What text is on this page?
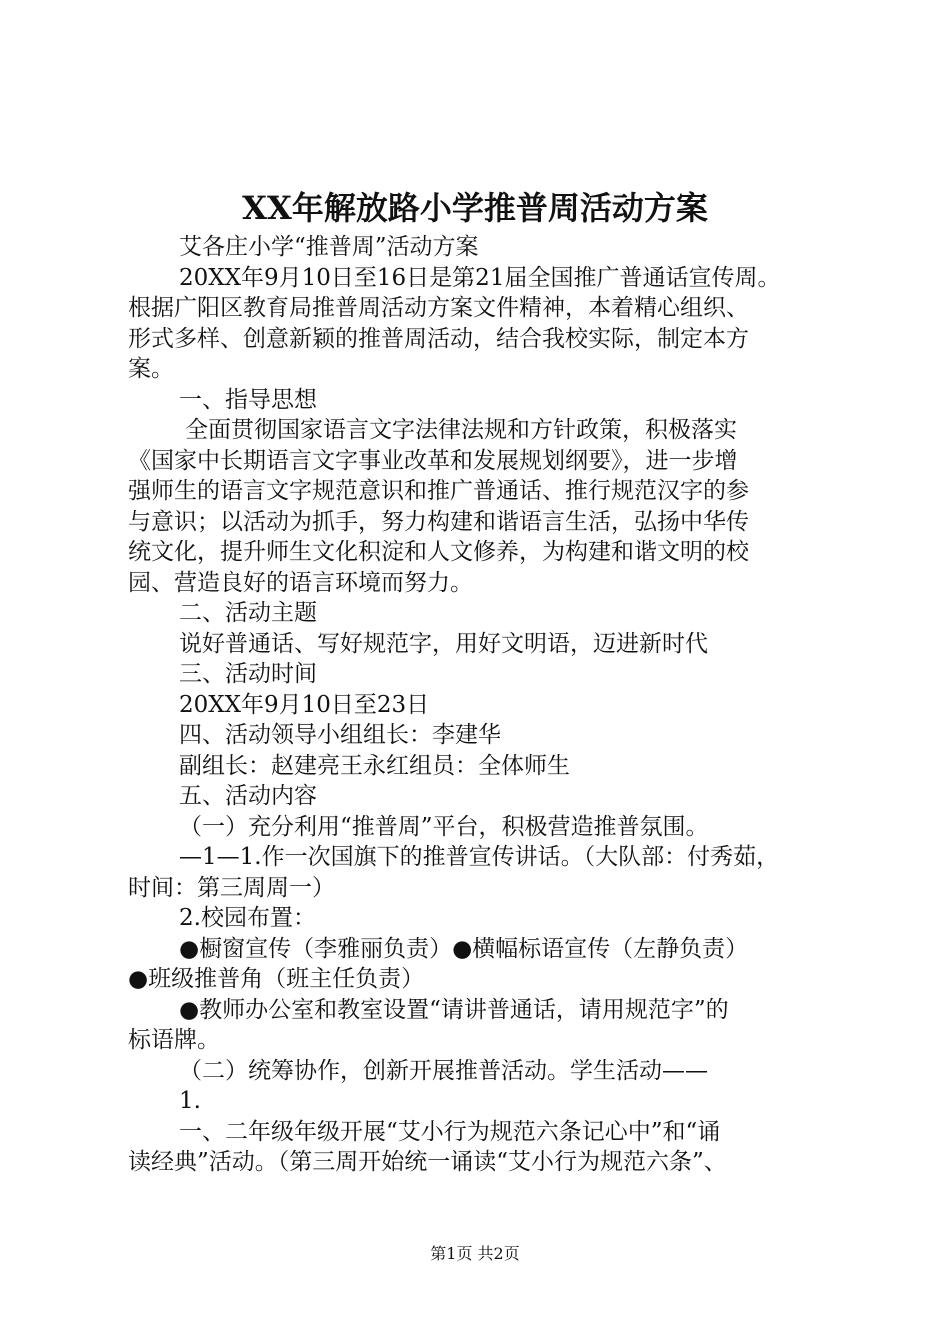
XX年解放路小学推普周活动方案

艾各庄小学“推普周”活动方案

20XX年9月10日至16日是第21届全国推广普通话宣传周。

根据广阳区教育局推普周活动方案文件精神，本着精心组织、

形式多样、创意新颖的推普周活动，结合我校实际，制定本方

案。

一、指导思想

全面贯彻国家语言文字法律法规和方针政策，积极落实

《国家中长期语言文字事业改革和发展规划纲要》，进一步增

强师生的语言文字规范意识和推广普通话、推行规范汉字的参

与意识；以活动为抓手，努力构建和谐语言生活，弘扬中华传

统文化，提升师生文化积淀和人文修养，为构建和谐文明的校

园、营造良好的语言环境而努力。

二、活动主题

说好普通话、写好规范字，用好文明语，迈进新时代

三、活动时间

20XX年9月10日至23日

四、活动领导小组组长：李建华

副组长：赵建亮王永红组员：全体师生

五、活动内容

（一）充分利用“推普周”平台，积极营造推普氛围。

—1—1.作一次国旗下的推普宣传讲话。（大队部：付秀茹，

时间：第三周周一）

2.校园布置：

●橱窗宣传（李雅丽负责）●横幅标语宣传（左静负责）

●班级推普角（班主任负责）

●教师办公室和教室设置“请讲普通话，请用规范字”的

标语牌。

（二）统筹协作，创新开展推普活动。学生活动——

1.

一、二年级年级开展“艾小行为规范六条记心中”和“诵

读经典”活动。（第三周开始统一诵读“艾小行为规范六条”、

第1页 共2页
